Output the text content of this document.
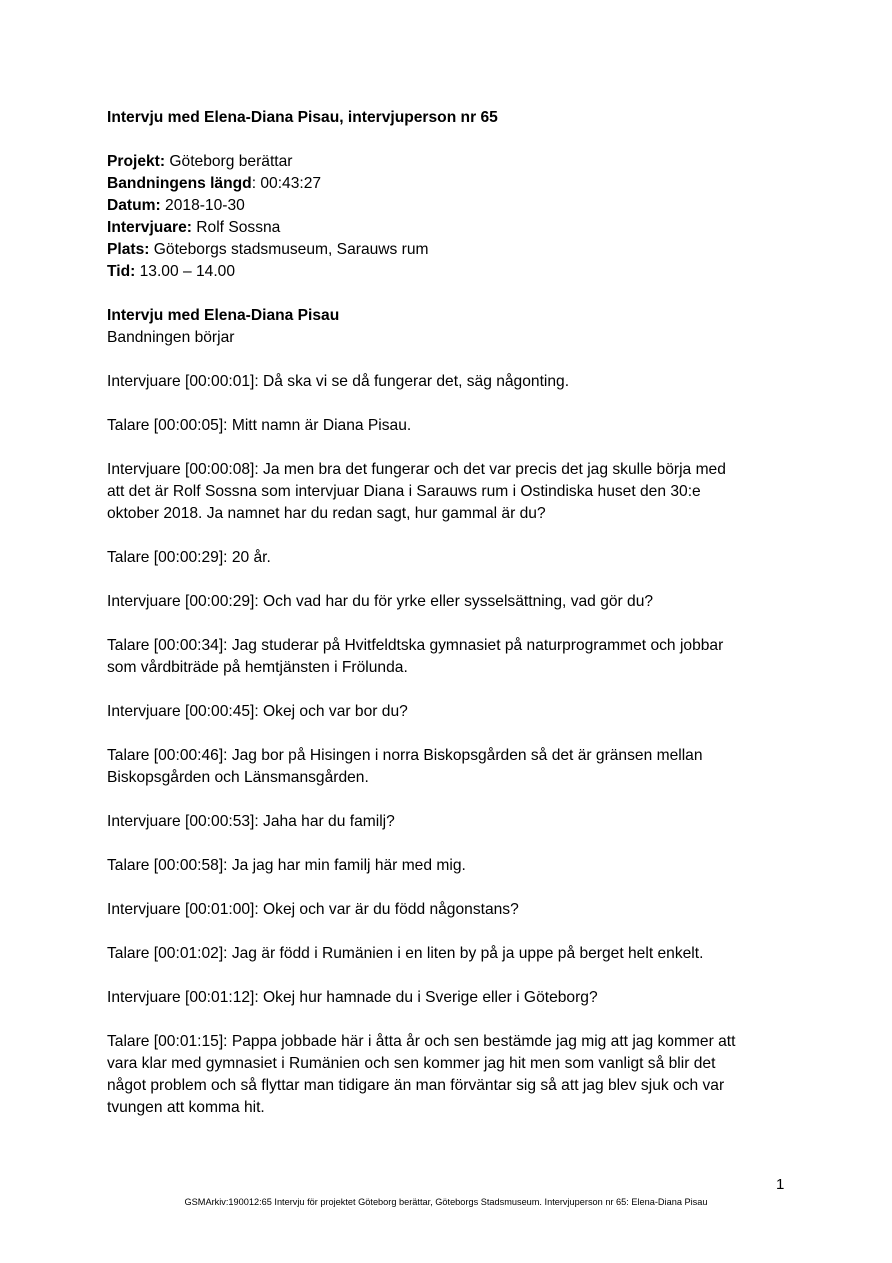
Intervju med Elena-Diana Pisau, intervjuperson nr 65
Projekt: Göteborg berättar
Bandningens längd: 00:43:27
Datum: 2018-10-30
Intervjuare: Rolf Sossna
Plats: Göteborgs stadsmuseum, Sarauws rum
Tid: 13.00 – 14.00
Intervju med Elena-Diana Pisau
Bandningen börjar
Intervjuare [00:00:01]: Då ska vi se då fungerar det, säg någonting.
Talare [00:00:05]: Mitt namn är Diana Pisau.
Intervjuare [00:00:08]: Ja men bra det fungerar och det var precis det jag skulle börja med
att det är Rolf Sossna som intervjuar Diana i Sarauws rum i Ostindiska huset den 30:e
oktober 2018. Ja namnet har du redan sagt, hur gammal är du?
Talare [00:00:29]: 20 år.
Intervjuare [00:00:29]: Och vad har du för yrke eller sysselsättning, vad gör du?
Talare [00:00:34]: Jag studerar på Hvitfeldtska gymnasiet på naturprogrammet och jobbar
som vårdbiträde på hemtjänsten i Frölunda.
Intervjuare [00:00:45]: Okej och var bor du?
Talare [00:00:46]: Jag bor på Hisingen i norra Biskopsgården så det är gränsen mellan
Biskopsgården och Länsmansgården.
Intervjuare [00:00:53]: Jaha har du familj?
Talare [00:00:58]: Ja jag har min familj här med mig.
Intervjuare [00:01:00]: Okej och var är du född någonstans?
Talare [00:01:02]: Jag är född i Rumänien i en liten by på ja uppe på berget helt enkelt.
Intervjuare [00:01:12]: Okej hur hamnade du i Sverige eller i Göteborg?
Talare [00:01:15]: Pappa jobbade här i åtta år och sen bestämde jag mig att jag kommer att
vara klar med gymnasiet i Rumänien och sen kommer jag hit men som vanligt så blir det
något problem och så flyttar man tidigare än man förväntar sig så att jag blev sjuk och var
tvungen att komma hit.
1
GSMArkiv:190012:65 Intervju för projektet Göteborg berättar, Göteborgs Stadsmuseum. Intervjuperson nr 65: Elena-Diana Pisau
